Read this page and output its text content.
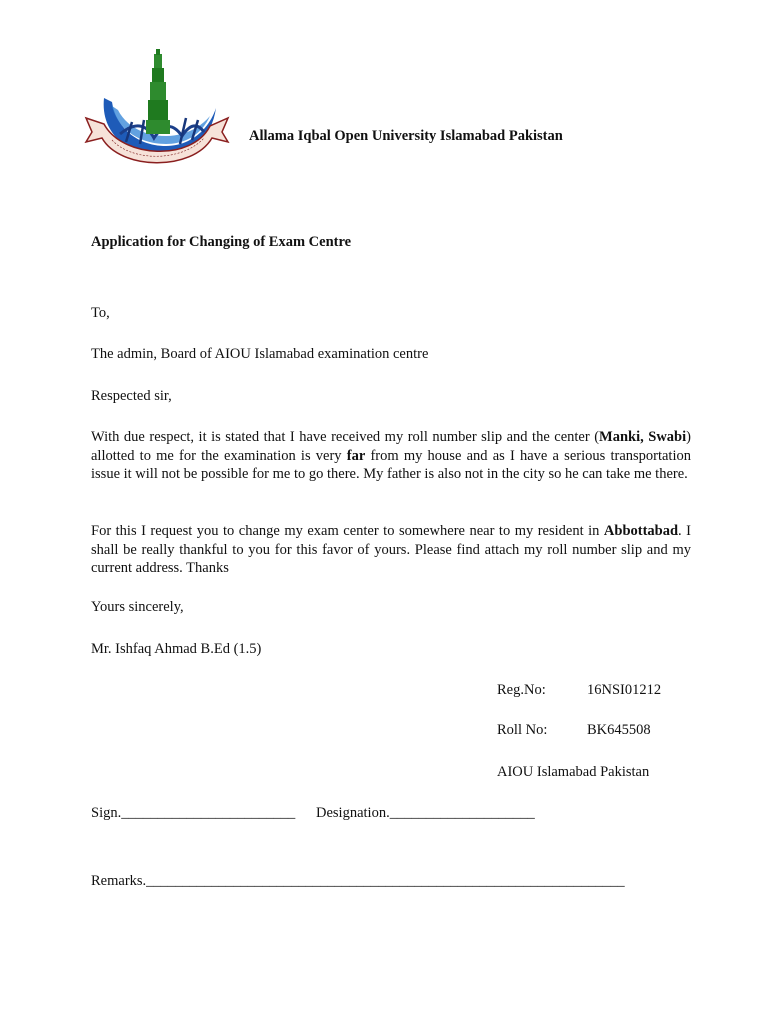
Allama Iqbal Open University Islamabad Pakistan
Application for Changing of Exam Centre
To,
The admin, Board of AIOU Islamabad examination centre
Respected sir,
With due respect, it is stated that I have received my roll number slip and the center (Manki, Swabi) allotted to me for the examination is very far from my house and as I have a serious transportation issue it will not be possible for me to go there. My father is also not in the city so he can take me there.
For this I request you to change my exam center to somewhere near to my resident in Abbottabad. I shall be really thankful to you for this favor of yours. Please find attach my roll number slip and my current address. Thanks
Yours sincerely,
Mr. Ishfaq Ahmad B.Ed (1.5)
Reg.No:	16NSI01212
Roll No:	BK645508
AIOU Islamabad Pakistan
Sign.________________________ Designation.____________________
Remarks.__________________________________________________________________
